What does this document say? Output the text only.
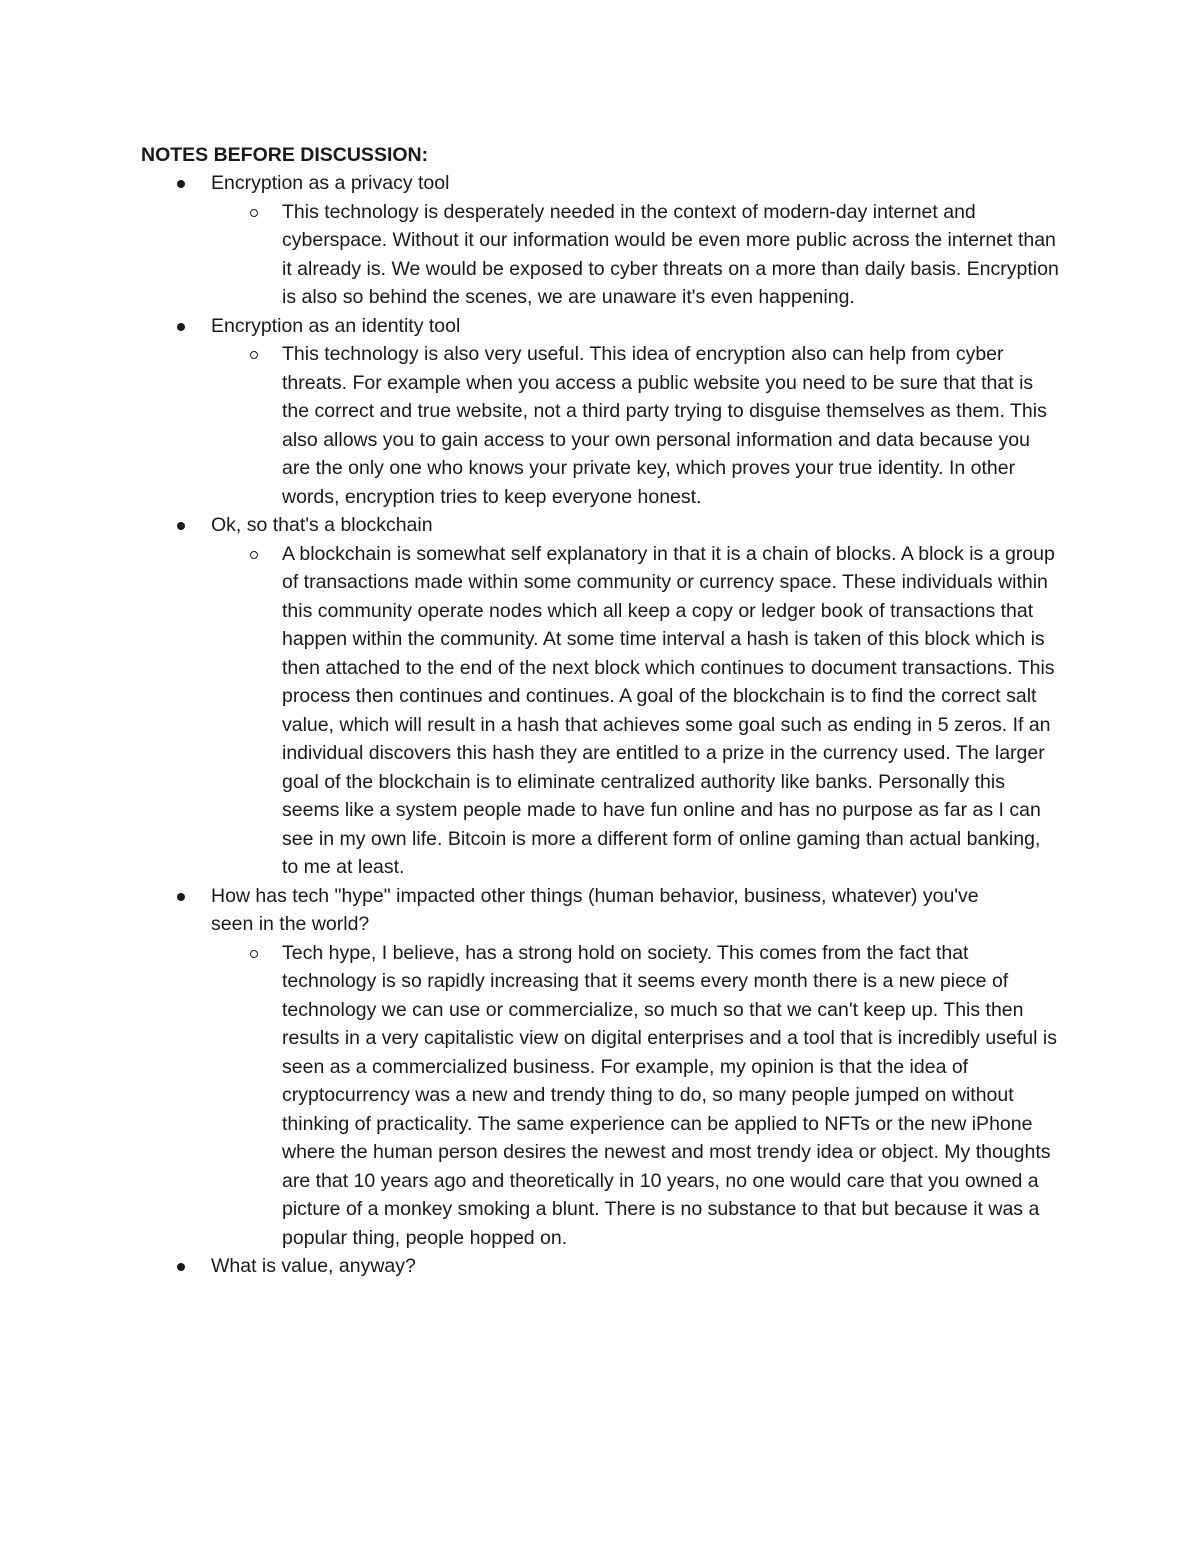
NOTES BEFORE DISCUSSION:
Encryption as a privacy tool
This technology is desperately needed in the context of modern-day internet and cyberspace. Without it our information would be even more public across the internet than it already is. We would be exposed to cyber threats on a more than daily basis. Encryption is also so behind the scenes, we are unaware it's even happening.
Encryption as an identity tool
This technology is also very useful. This idea of encryption also can help from cyber threats. For example when you access a public website you need to be sure that that is the correct and true website, not a third party trying to disguise themselves as them. This also allows you to gain access to your own personal information and data because you are the only one who knows your private key, which proves your true identity. In other words, encryption tries to keep everyone honest.
Ok, so that's a blockchain
A blockchain is somewhat self explanatory in that it is a chain of blocks. A block is a group of transactions made within some community or currency space. These individuals within this community operate nodes which all keep a copy or ledger book of transactions that happen within the community. At some time interval a hash is taken of this block which is then attached to the end of the next block which continues to document transactions. This process then continues and continues. A goal of the blockchain is to find the correct salt value, which will result in a hash that achieves some goal such as ending in 5 zeros. If an individual discovers this hash they are entitled to a prize in the currency used. The larger goal of the blockchain is to eliminate centralized authority like banks. Personally this seems like a system people made to have fun online and has no purpose as far as I can see in my own life. Bitcoin is more a different form of online gaming than actual banking, to me at least.
How has tech "hype" impacted other things (human behavior, business, whatever) you've seen in the world?
Tech hype, I believe, has a strong hold on society. This comes from the fact that technology is so rapidly increasing that it seems every month there is a new piece of technology we can use or commercialize, so much so that we can't keep up. This then results in a very capitalistic view on digital enterprises and a tool that is incredibly useful is seen as a commercialized business. For example, my opinion is that the idea of cryptocurrency was a new and trendy thing to do, so many people jumped on without thinking of practicality. The same experience can be applied to NFTs or the new iPhone where the human person desires the newest and most trendy idea or object. My thoughts are that 10 years ago and theoretically in 10 years, no one would care that you owned a picture of a monkey smoking a blunt. There is no substance to that but because it was a popular thing, people hopped on.
What is value, anyway?
